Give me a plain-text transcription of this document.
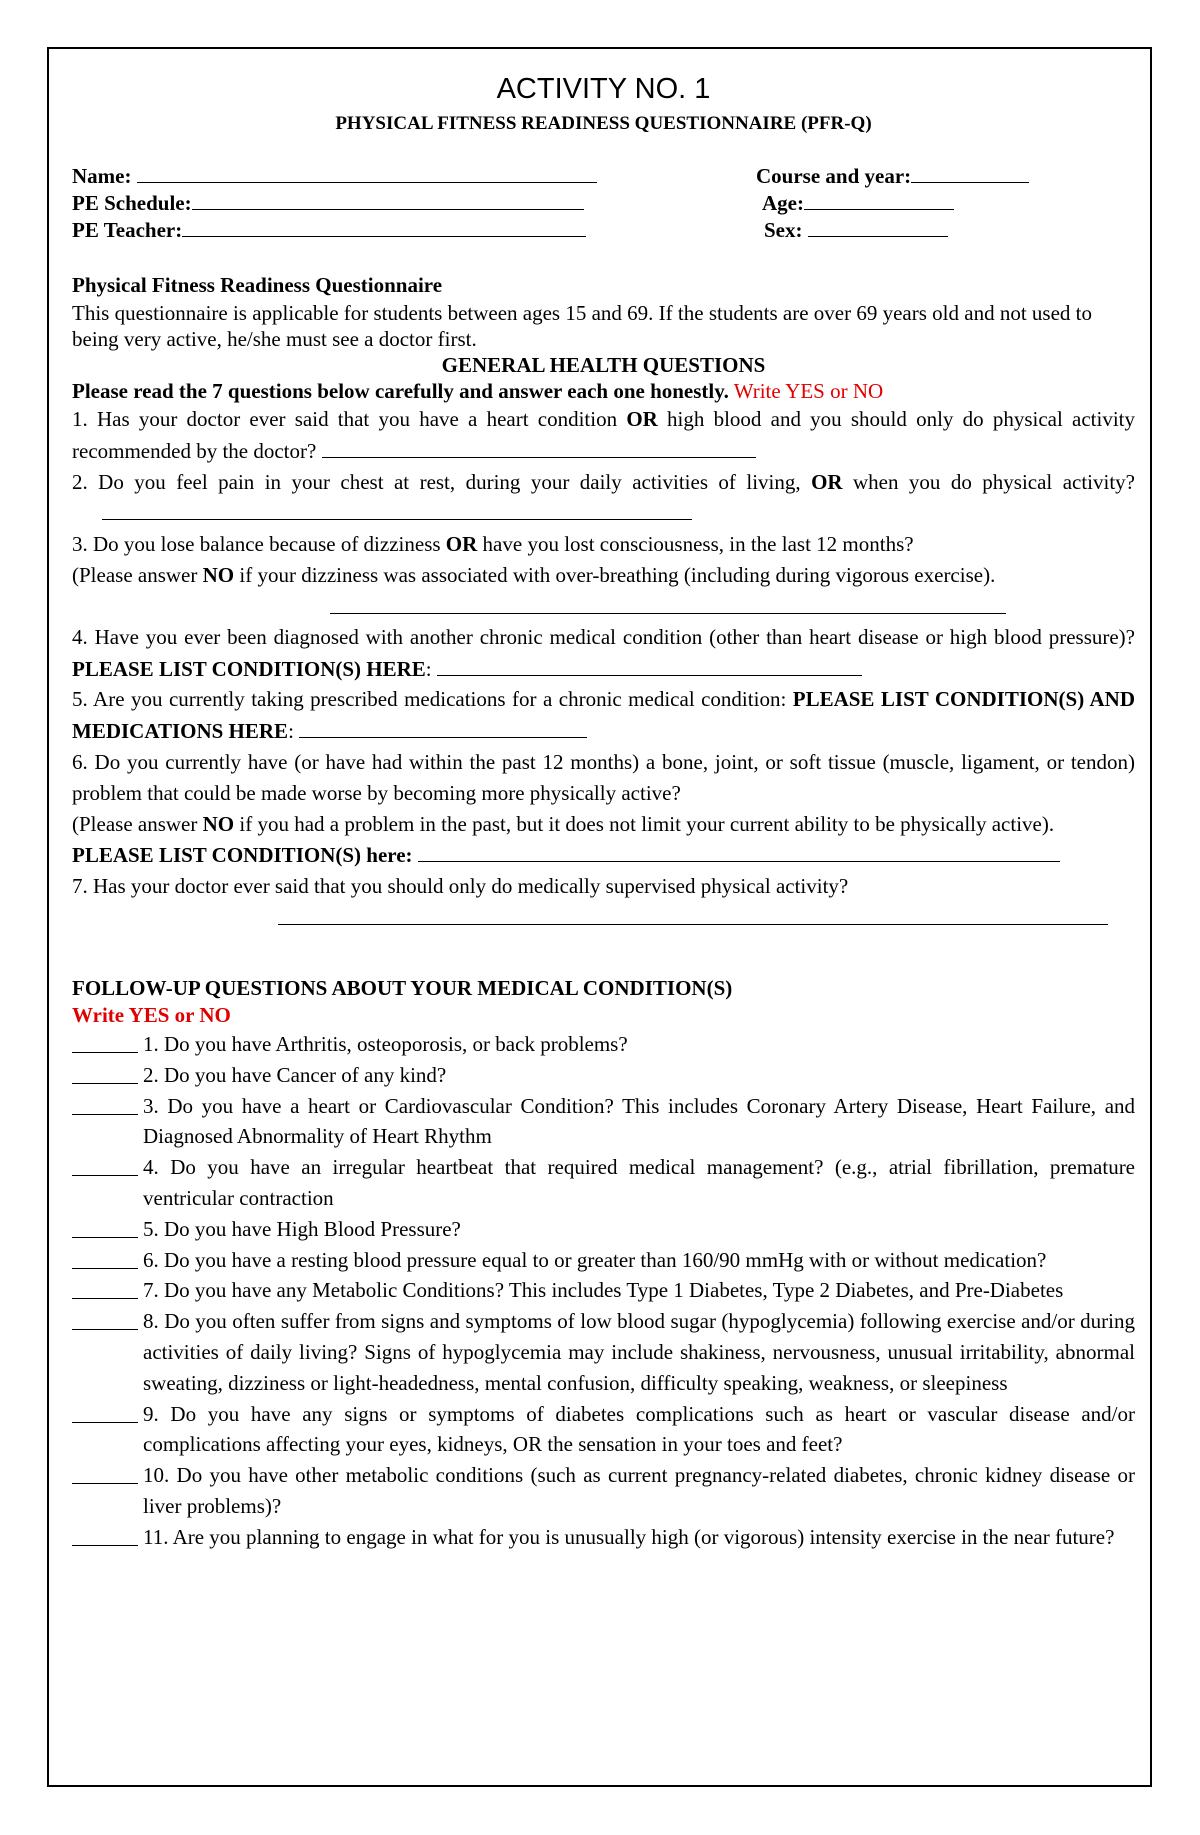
ACTIVITY NO. 1

PHYSICAL FITNESS READINESS QUESTIONNAIRE (PFR-Q)

Name:	Course and year:
PE Schedule:	Age:
PE Teacher:	Sex:

Physical Fitness Readiness Questionnaire

This questionnaire is applicable for students between ages 15 and 69. If the students are over 69 years old and not used to being very active, he/she must see a doctor first.

GENERAL HEALTH QUESTIONS

Please read the 7 questions below carefully and answer each one honestly. Write YES or NO

1. Has your doctor ever said that you have a heart condition OR high blood and you should only do physical activity recommended by the doctor?

2. Do you feel pain in your chest at rest, during your daily activities of living, OR when you do physical activity?

3. Do you lose balance because of dizziness OR have you lost consciousness, in the last 12 months?

(Please answer NO if your dizziness was associated with over-breathing (including during vigorous exercise).

4. Have you ever been diagnosed with another chronic medical condition (other than heart disease or high blood pressure)? PLEASE LIST CONDITION(S) HERE:

5. Are you currently taking prescribed medications for a chronic medical condition: PLEASE LIST CONDITION(S) AND MEDICATIONS HERE:

6. Do you currently have (or have had within the past 12 months) a bone, joint, or soft tissue (muscle, ligament, or tendon) problem that could be made worse by becoming more physically active?

(Please answer NO if you had a problem in the past, but it does not limit your current ability to be physically active).

PLEASE LIST CONDITION(S) here:

7. Has your doctor ever said that you should only do medically supervised physical activity?

FOLLOW-UP QUESTIONS ABOUT YOUR MEDICAL CONDITION(S)
Write YES or NO
1. Do you have Arthritis, osteoporosis, or back problems?
2. Do you have Cancer of any kind?
3. Do you have a heart or Cardiovascular Condition? This includes Coronary Artery Disease, Heart Failure, and Diagnosed Abnormality of Heart Rhythm
4. Do you have an irregular heartbeat that required medical management? (e.g., atrial fibrillation, premature ventricular contraction
5. Do you have High Blood Pressure?
6. Do you have a resting blood pressure equal to or greater than 160/90 mmHg with or without medication?
7. Do you have any Metabolic Conditions? This includes Type 1 Diabetes, Type 2 Diabetes, and Pre-Diabetes
8. Do you often suffer from signs and symptoms of low blood sugar (hypoglycemia) following exercise and/or during activities of daily living? Signs of hypoglycemia may include shakiness, nervousness, unusual irritability, abnormal sweating, dizziness or light-headedness, mental confusion, difficulty speaking, weakness, or sleepiness
9. Do you have any signs or symptoms of diabetes complications such as heart or vascular disease and/or complications affecting your eyes, kidneys, OR the sensation in your toes and feet?
10. Do you have other metabolic conditions (such as current pregnancy-related diabetes, chronic kidney disease or liver problems)?
11. Are you planning to engage in what for you is unusually high (or vigorous) intensity exercise in the near future?
